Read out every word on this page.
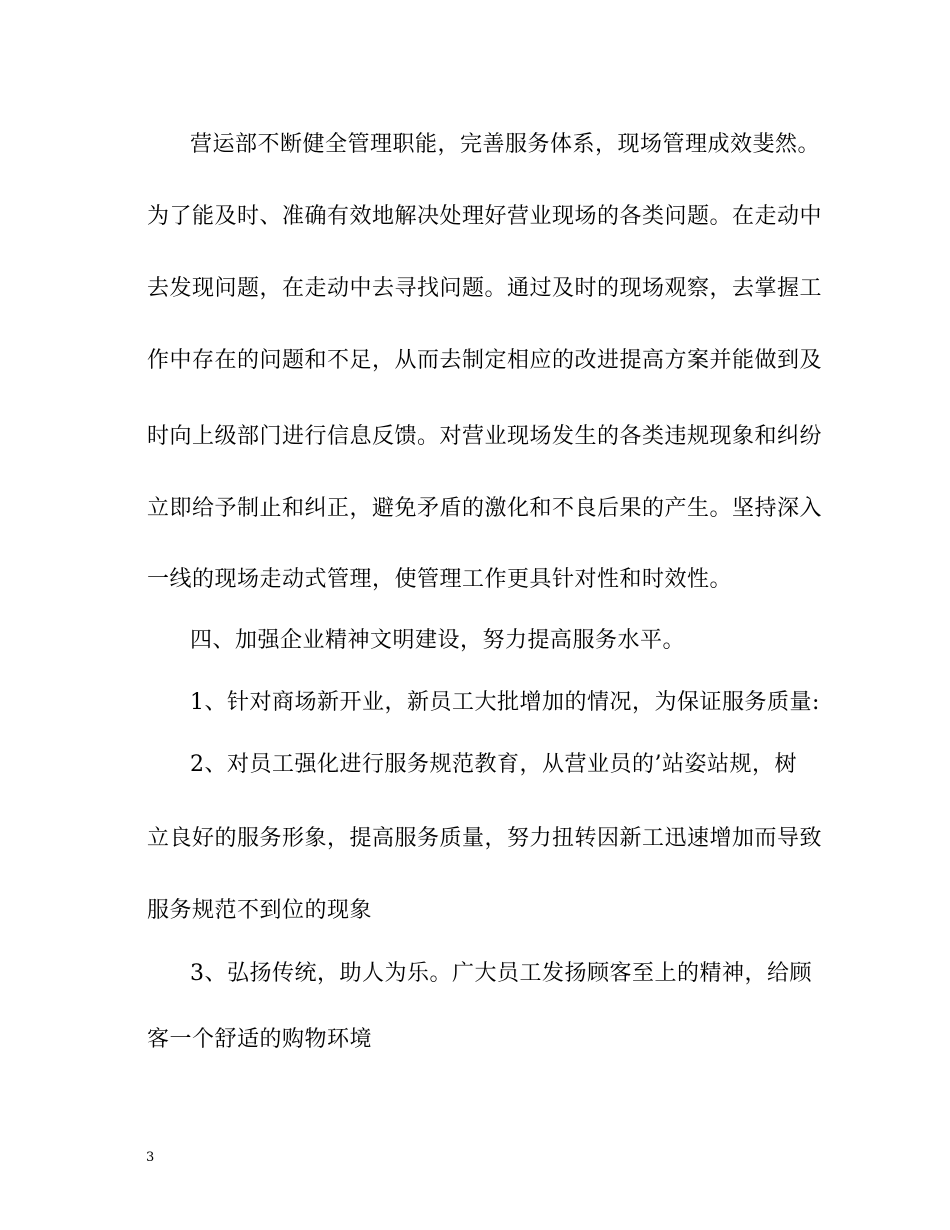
营运部不断健全管理职能，完善服务体系，现场管理成效斐然。
为了能及时、准确有效地解决处理好营业现场的各类问题。在走动中
去发现问题，在走动中去寻找问题。通过及时的现场观察，去掌握工
作中存在的问题和不足，从而去制定相应的改进提高方案并能做到及
时向上级部门进行信息反馈。对营业现场发生的各类违规现象和纠纷
立即给予制止和纠正，避免矛盾的激化和不良后果的产生。坚持深入
一线的现场走动式管理，使管理工作更具针对性和时效性。
四、加强企业精神文明建设，努力提高服务水平。
1、针对商场新开业，新员工大批增加的情况，为保证服务质量:
2、对员工强化进行服务规范教育，从营业员的’站姿站规，树
立良好的服务形象，提高服务质量，努力扭转因新工迅速增加而导致
服务规范不到位的现象
3、弘扬传统，助人为乐。广大员工发扬顾客至上的精神，给顾
客一个舒适的购物环境
3
